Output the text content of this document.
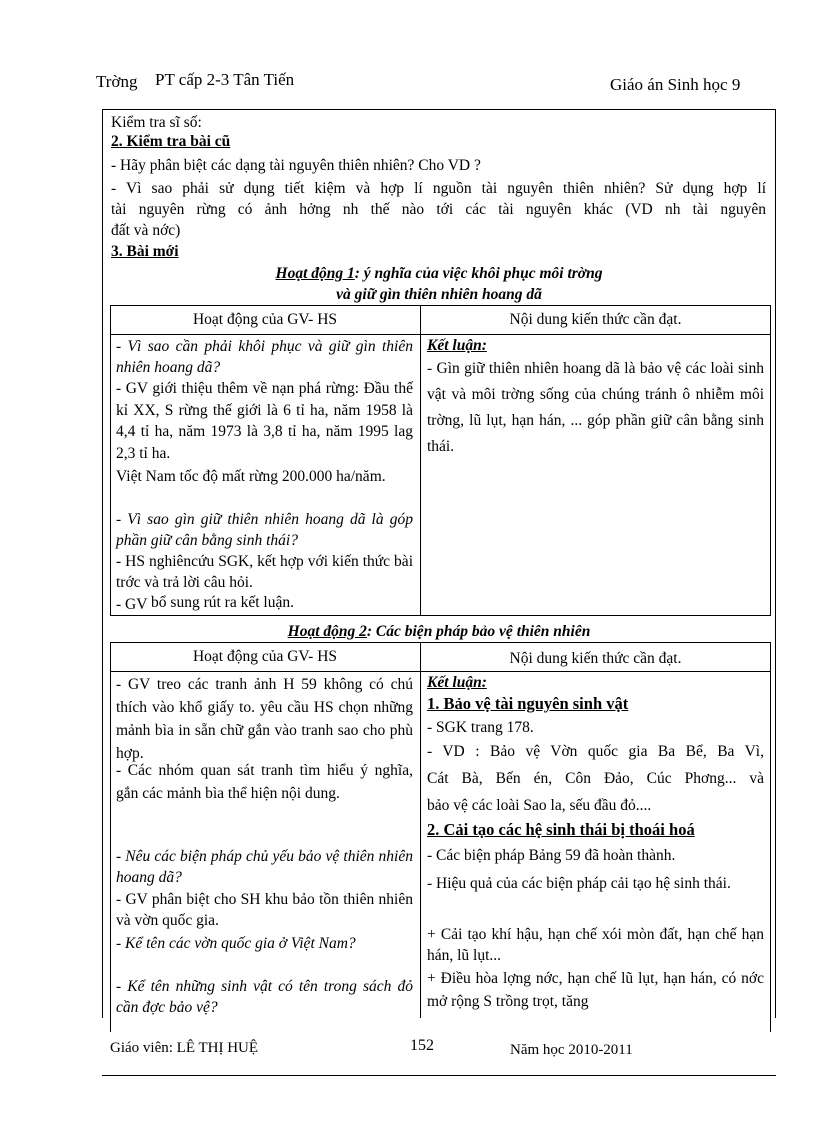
Trờng PT cấp 2-3 Tân Tiến	Giáo án Sinh học 9
Kiểm tra sĩ số:
2. Kiểm tra bài cũ
- Hãy phân biệt các dạng tài nguyên thiên nhiên? Cho VD ?
- Vì sao phải sử dụng tiết kiệm và hợp lí nguồn tài nguyên thiên nhiên? Sử dụng hợp lí
tài nguyên rừng có ảnh hởng nh thế nào tới các tài nguyên khác (VD nh tài nguyên
đất và nớc)
3. Bài mới
Hoạt động 1: ý nghĩa của việc khôi phục môi trờng
và giữ gìn thiên nhiên hoang dã
Hoạt động của GV- HS	Nội dung kiến thức cần đạt.
- Vì sao cần phải khôi phục và giữ gìn thiên nhiên hoang dã?
- GV giới thiệu thêm về nạn phá rừng: Đầu thế kỉ XX, S rừng thế giới là 6 tỉ ha, năm 1958 là 4,4 tỉ ha, năm 1973 là 3,8 tỉ ha, năm 1995 lag 2,3 tỉ ha.
Việt Nam tốc độ mất rừng 200.000 ha/năm.
- Vì sao gìn giữ thiên nhiên hoang dã là góp phần giữ cân bằng sinh thái?
- HS nghiêncứu SGK, kết hợp với kiến thức bài trớc và trả lời câu hỏi.
- GV bổ sung rút ra kết luận.
Kết luận:
- Gìn giữ thiên nhiên hoang dã là bảo vệ các loài sinh vật và môi trờng sống của chúng tránh ô nhiễm môi trờng, lũ lụt, hạn hán, ... góp phần giữ cân bằng sinh thái.
Hoạt động 2: Các biện pháp bảo vệ thiên nhiên
Hoạt động của GV- HS	Nội dung kiến thức cần đạt.
- GV treo các tranh ảnh H 59 không có chú thích vào khổ giấy to. yêu cầu HS chọn những mảnh bìa in sẵn chữ gắn vào tranh sao cho phù hợp.
- Các nhóm quan sát tranh tìm hiểu ý nghĩa, gắn các mảnh bìa thể hiện nội dung.
- Nêu các biện pháp chủ yếu bảo vệ thiên nhiên hoang dã?
- GV phân biệt cho SH khu bảo tồn thiên nhiên và vờn quốc gia.
- Kể tên các vờn quốc gia ở Việt Nam?
- Kể tên những sinh vật có tên trong sách đỏ cần đợc bảo vệ?
Kết luận:
1. Bảo vệ tài nguyên sinh vật
- SGK trang 178.
- VD : Bảo vệ Vờn quốc gia Ba Bể, Ba Vì,
Cát Bà, Bến én, Côn Đảo, Cúc Phơng... và
bảo vệ các loài Sao la, sếu đầu đỏ....
2. Cải tạo các hệ sinh thái bị thoái hoá
- Các biện pháp Bảng 59 đã hoàn thành.
- Hiệu quả của các biện pháp cải tạo hệ sinh thái.
+ Cải tạo khí hậu, hạn chế xói mòn đất, hạn chế hạn hán, lũ lụt...
+ Điều hòa lợng nớc, hạn chế lũ lụt, hạn hán, có nớc mở rộng S trồng trọt, tăng
Giáo viên: LÊ THỊ HUỆ	152	Năm học 2010-2011
